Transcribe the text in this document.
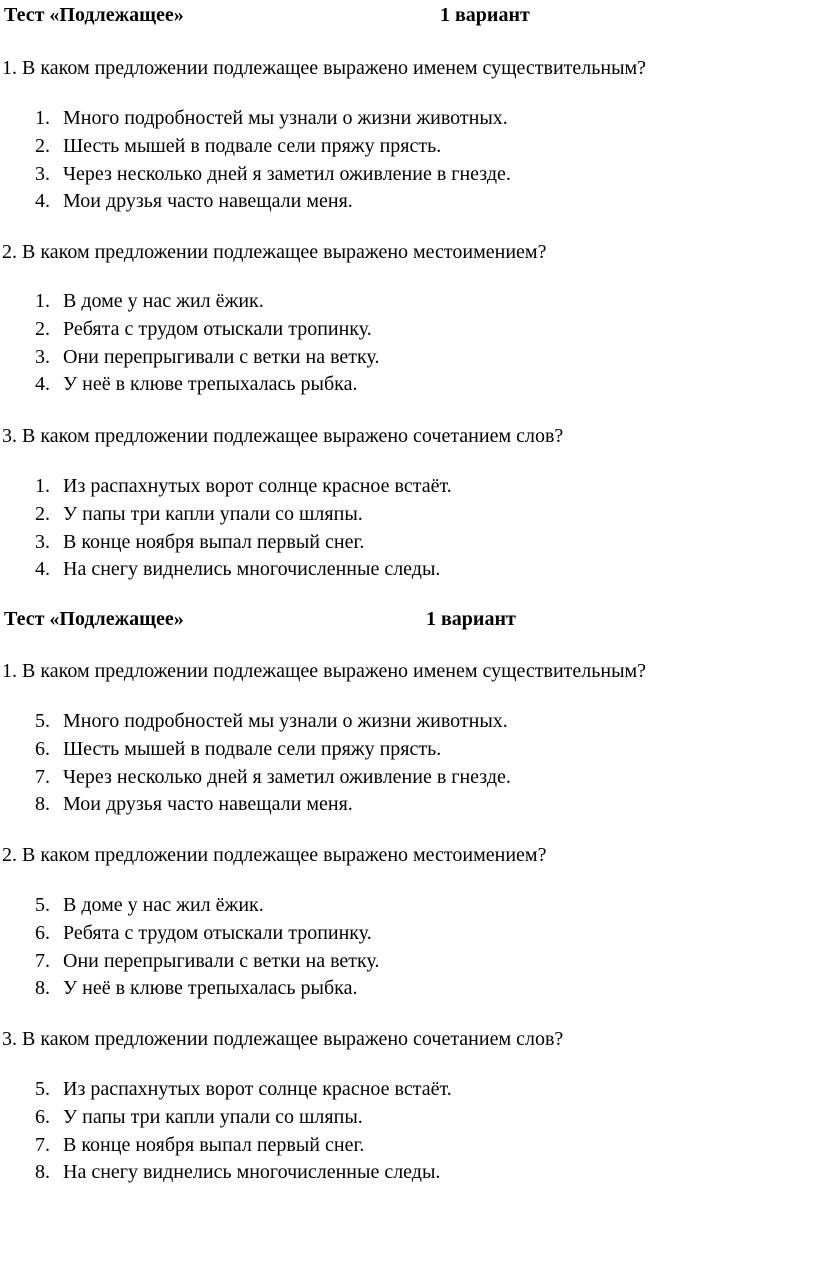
Тест «Подлежащее»	1 вариант
1. В каком предложении подлежащее выражено именем существительным?
1. Много подробностей мы узнали о жизни животных.
2. Шесть мышей в подвале сели пряжу прясть.
3. Через несколько дней я заметил оживление в гнезде.
4. Мои друзья часто навещали меня.
2. В каком предложении подлежащее выражено местоимением?
1. В доме у нас жил ёжик.
2. Ребята с трудом отыскали тропинку.
3. Они перепрыгивали с ветки на ветку.
4. У неё в клюве трепыхалась рыбка.
3. В каком предложении подлежащее выражено сочетанием слов?
1. Из распахнутых ворот солнце красное встаёт.
2. У папы три капли упали со шляпы.
3. В конце ноября выпал первый снег.
4. На снегу виднелись многочисленные следы.
Тест «Подлежащее»	1 вариант
1. В каком предложении подлежащее выражено именем существительным?
5. Много подробностей мы узнали о жизни животных.
6. Шесть мышей в подвале сели пряжу прясть.
7. Через несколько дней я заметил оживление в гнезде.
8. Мои друзья часто навещали меня.
2. В каком предложении подлежащее выражено местоимением?
5. В доме у нас жил ёжик.
6. Ребята с трудом отыскали тропинку.
7. Они перепрыгивали с ветки на ветку.
8. У неё в клюве трепыхалась рыбка.
3. В каком предложении подлежащее выражено сочетанием слов?
5. Из распахнутых ворот солнце красное встаёт.
6. У папы три капли упали со шляпы.
7. В конце ноября выпал первый снег.
8. На снегу виднелись многочисленные следы.
